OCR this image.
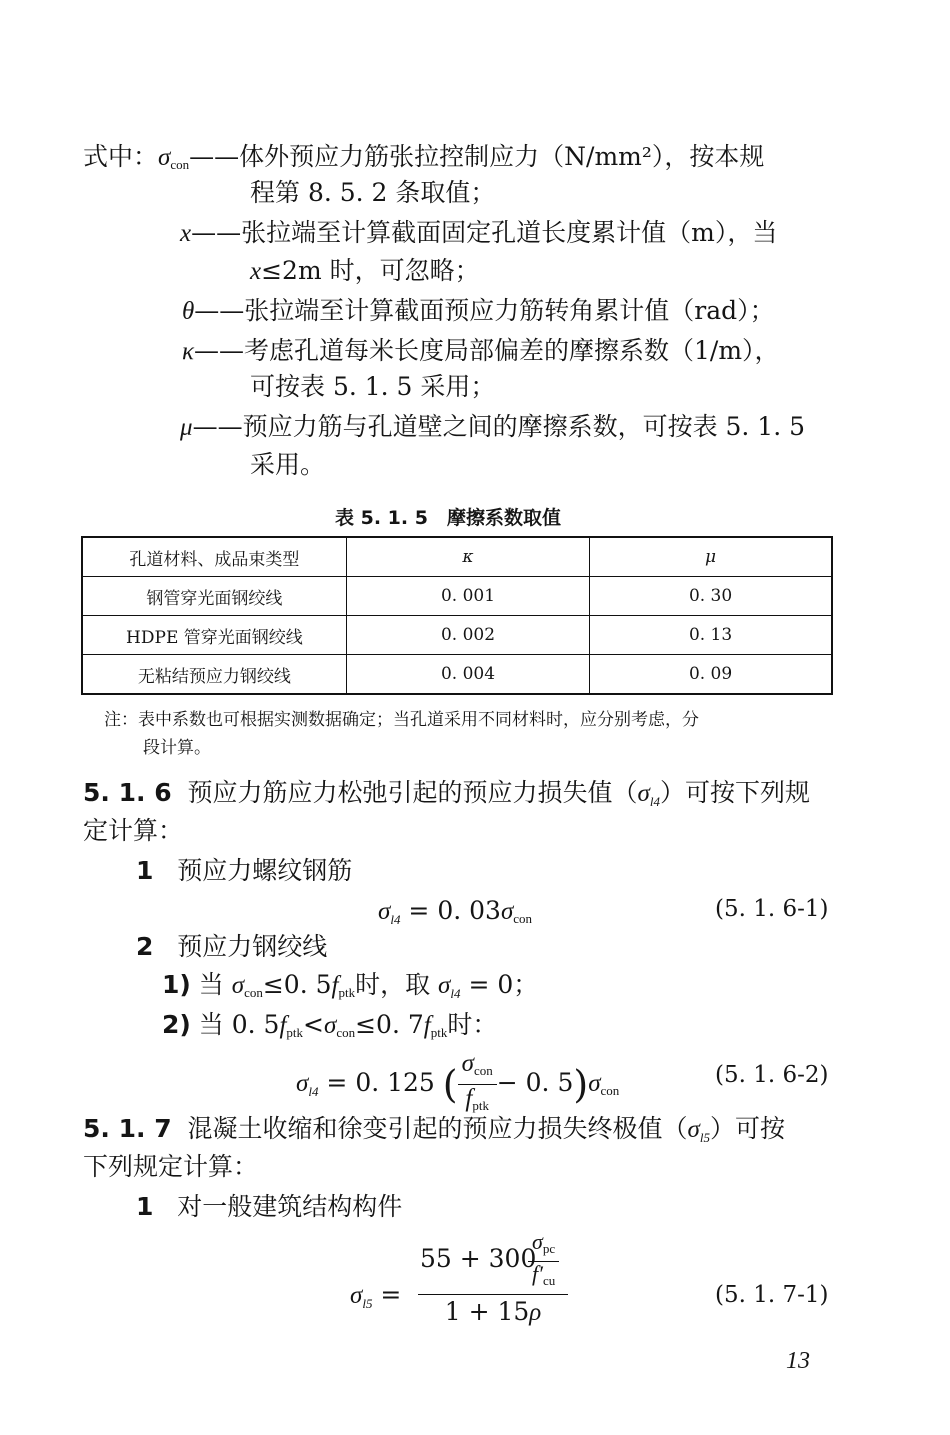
式中：$\sigma_{con}——$体外预应力筋张拉控制应力（N/mm²），按本规
程第 8. 5. 2 条取值；
x——张拉端至计算截面固定孔道长度累计值（m），当
x≤2m 时，可忽略；
θ——张拉端至计算截面预应力筋转角累计值（rad）；
κ——考虑孔道每米长度局部偏差的摩擦系数（1/m），
可按表 5. 1. 5 采用；
μ——预应力筋与孔道壁之间的摩擦系数，可按表 5. 1. 5
采用。
表 5. 1. 5　摩擦系数取值
孔道材料、成品束类型	κ	μ
钢管穿光面钢绞线	0. 001	0. 30
HDPE 管穿光面钢绞线	0. 002	0. 13
无粘结预应力钢绞线	0. 004	0. 09
注：表中系数也可根据实测数据确定；当孔道采用不同材料时，应分别考虑，分
段计算。
5. 1. 6 预应力筋应力松弛引起的预应力损失值$(\sigma_{l4})$可按下列规
定计算：
1 预应力螺纹钢筋
$\sigma_{l4} = 0$. $03\sigma_{con}$	(5. 1. 6-1)
2 预应力钢绞线
1) 当 $\sigma_{con}\le 0$. $5f_{ptk}$时，取 $\sigma_{l4} = 0$；
2) 当 0. $5f_{ptk}<\sigma_{con}\le 0$. $7f_{ptk}$时：
$\sigma_{l4} = 0$. 125 ( $\frac{\sigma_{con}}{f_{ptk}} - 0$. $5)\sigma_{con}$
(5. 1. 6-2)
5. 1. 7 混凝土收缩和徐变引起的预应力损失终极值$(\sigma_{l5})$可按
下列规定计算：
1 对一般建筑结构构件
$\sigma_{l5}$ =
55 + 300
$\sigma_{pc}$
$f'_{cu}$
1 + 15ρ
(5. 1. 7-1)
13
